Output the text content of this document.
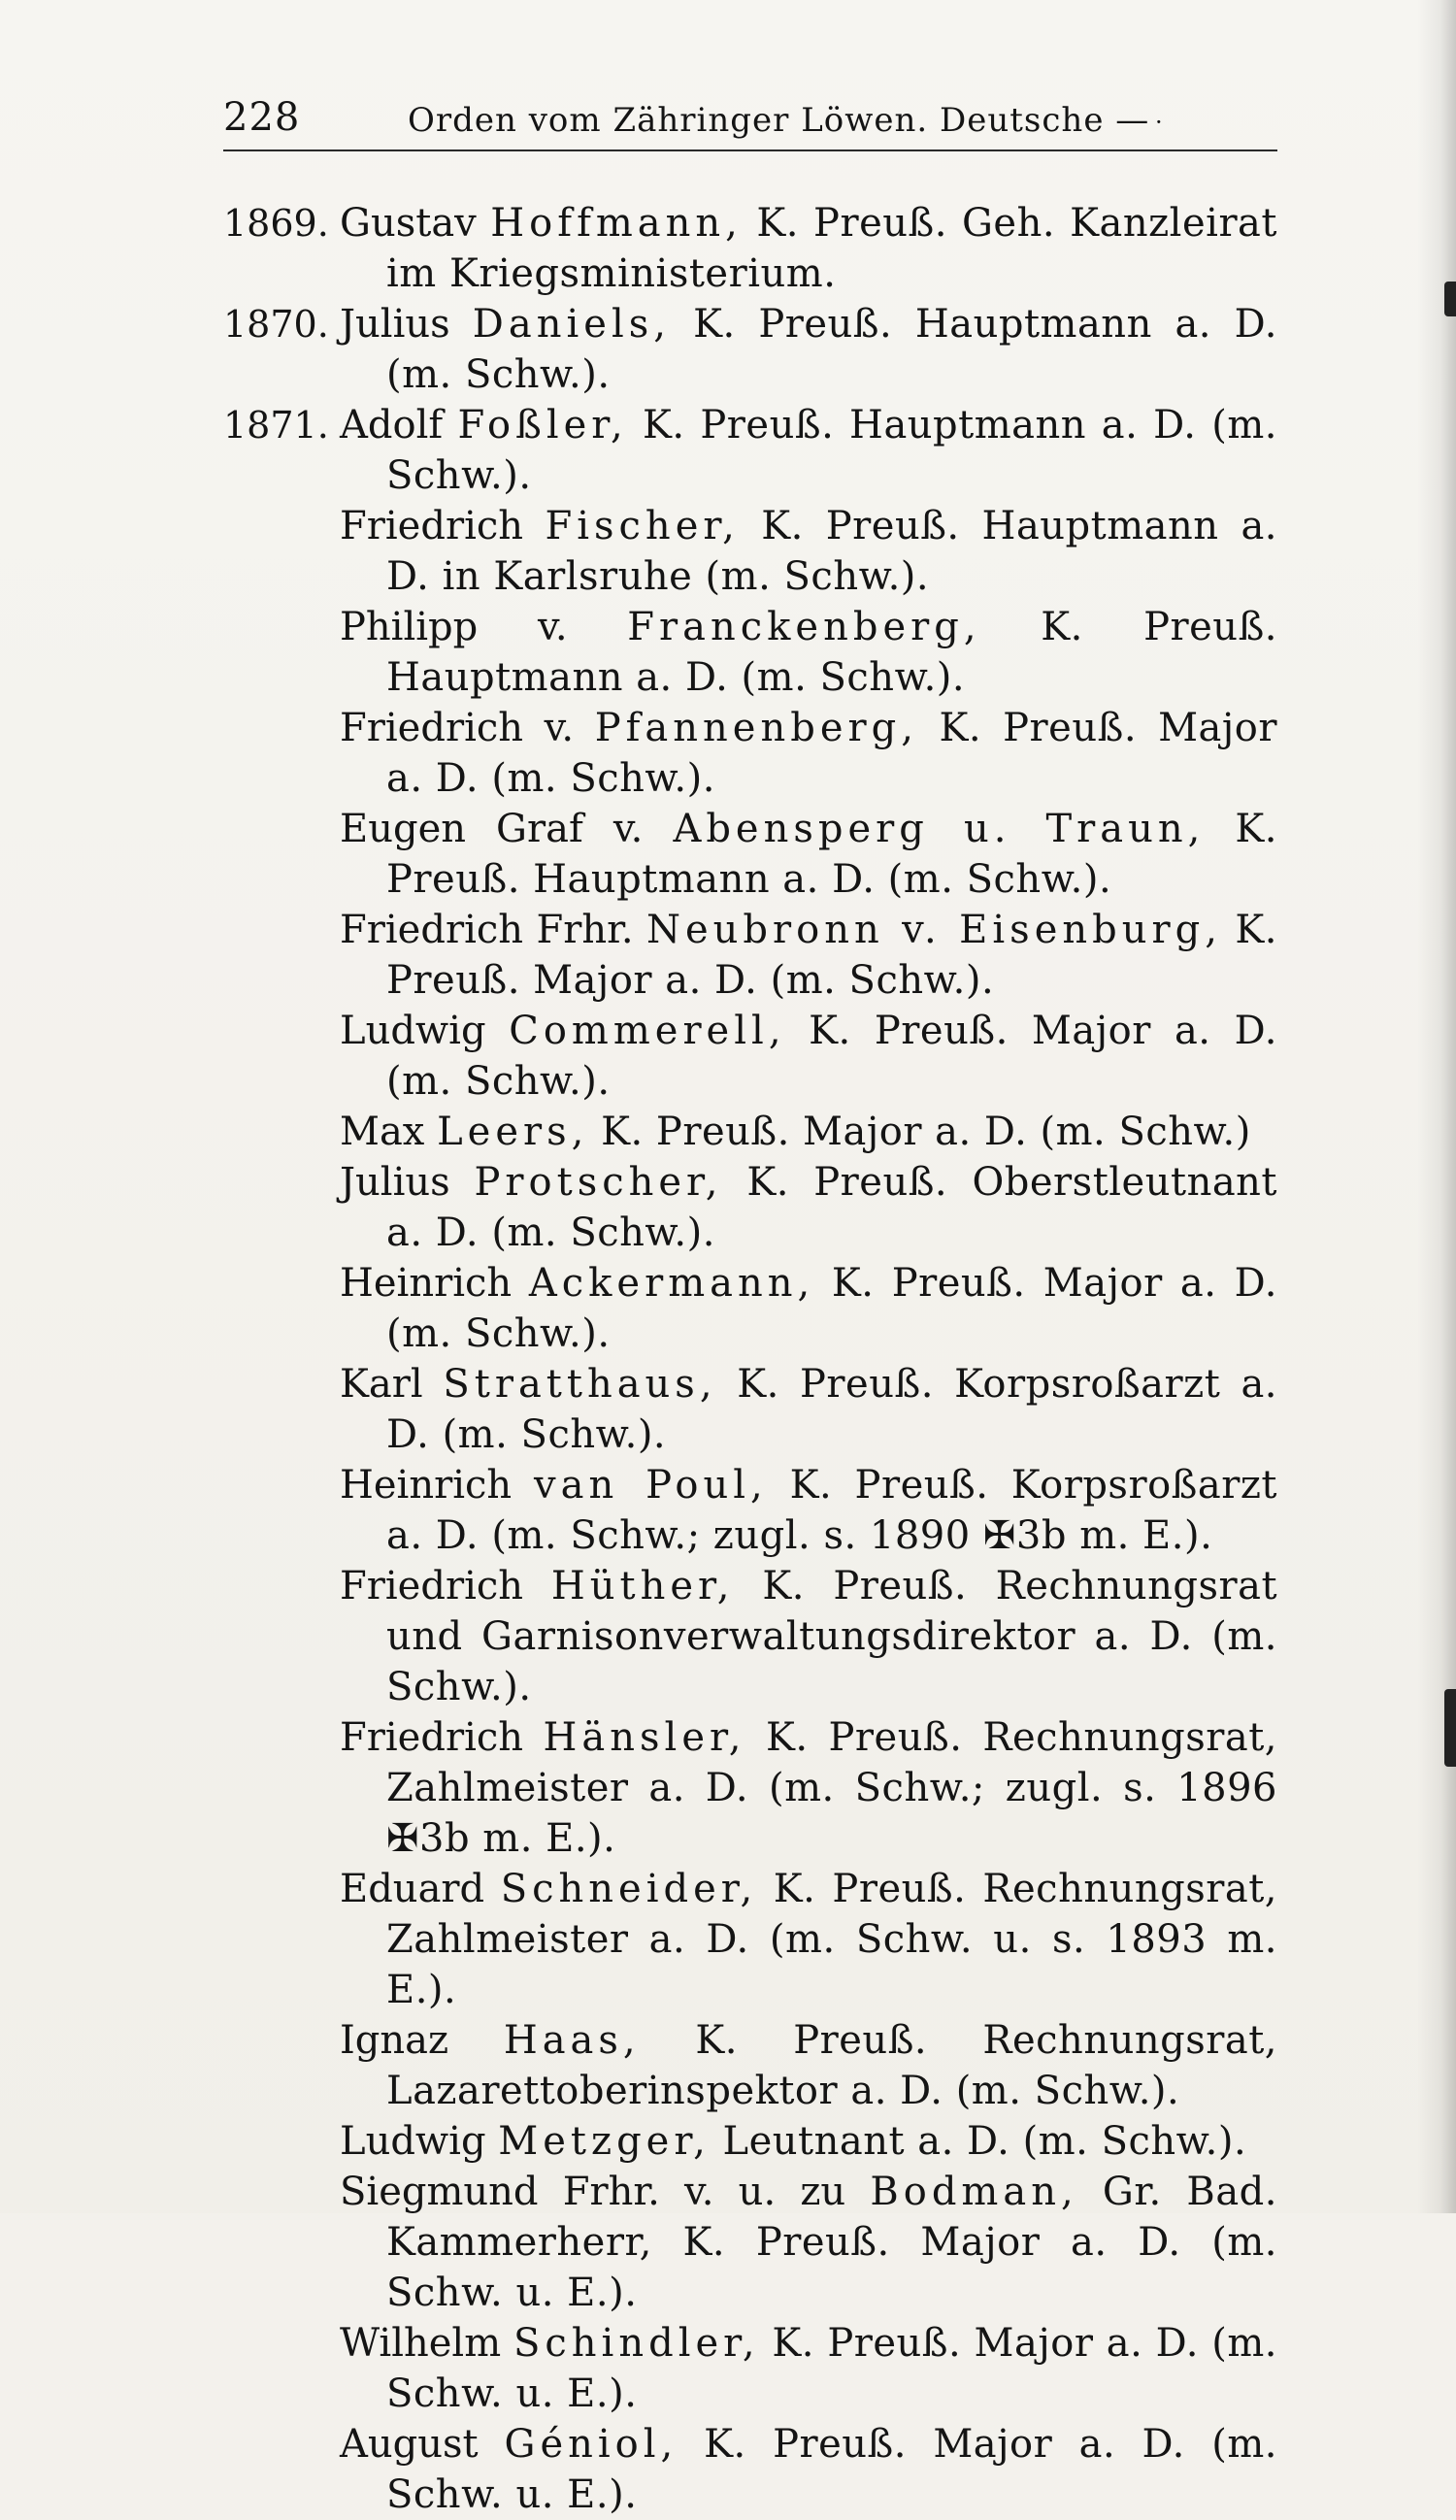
228	Orden vom Zähringer Löwen. Deutsche — ·
1869. Gustav Hoffmann, K. Preuß. Geh. Kanzleirat im Kriegsministerium.
1870. Julius Daniels, K. Preuß. Hauptmann a. D. (m. Schw.).
1871. Adolf Foßler, K. Preuß. Hauptmann a. D. (m. Schw.).
Friedrich Fischer, K. Preuß. Hauptmann a. D. in Karlsruhe (m. Schw.).
Philipp v. Franckenberg, K. Preuß. Hauptmann a. D. (m. Schw.).
Friedrich v. Pfannenberg, K. Preuß. Major a. D. (m. Schw.).
Eugen Graf v. Abensperg u. Traun, K. Preuß. Hauptmann a. D. (m. Schw.).
Friedrich Frhr. Neubronn v. Eisenburg, K. Preuß. Major a. D. (m. Schw.).
Ludwig Commerell, K. Preuß. Major a. D. (m. Schw.).
Max Leers, K. Preuß. Major a. D. (m. Schw.)
Julius Protscher, K. Preuß. Oberstleutnant a. D. (m. Schw.).
Heinrich Ackermann, K. Preuß. Major a. D. (m. Schw.).
Karl Stratthaus, K. Preuß. Korpsroßarzt a. D. (m. Schw.).
Heinrich van Poul, K. Preuß. Korpsroßarzt a. D. (m. Schw.; zugl. s. 1890 ✠3b m. E.).
Friedrich Hüther, K. Preuß. Rechnungsrat und Garnisonverwaltungsdirektor a. D. (m. Schw.).
Friedrich Hänsler, K. Preuß. Rechnungsrat, Zahlmeister a. D. (m. Schw.; zugl. s. 1896 ✠3b m. E.).
Eduard Schneider, K. Preuß. Rechnungsrat, Zahlmeister a. D. (m. Schw. u. s. 1893 m. E.).
Ignaz Haas, K. Preuß. Rechnungsrat, Lazarettoberinspektor a. D. (m. Schw.).
Ludwig Metzger, Leutnant a. D. (m. Schw.).
Siegmund Frhr. v. u. zu Bodman, Gr. Bad. Kammerherr, K. Preuß. Major a. D. (m. Schw. u. E.).
Wilhelm Schindler, K. Preuß. Major a. D. (m. Schw. u. E.).
August Géniol, K. Preuß. Major a. D. (m. Schw. u. E.).
